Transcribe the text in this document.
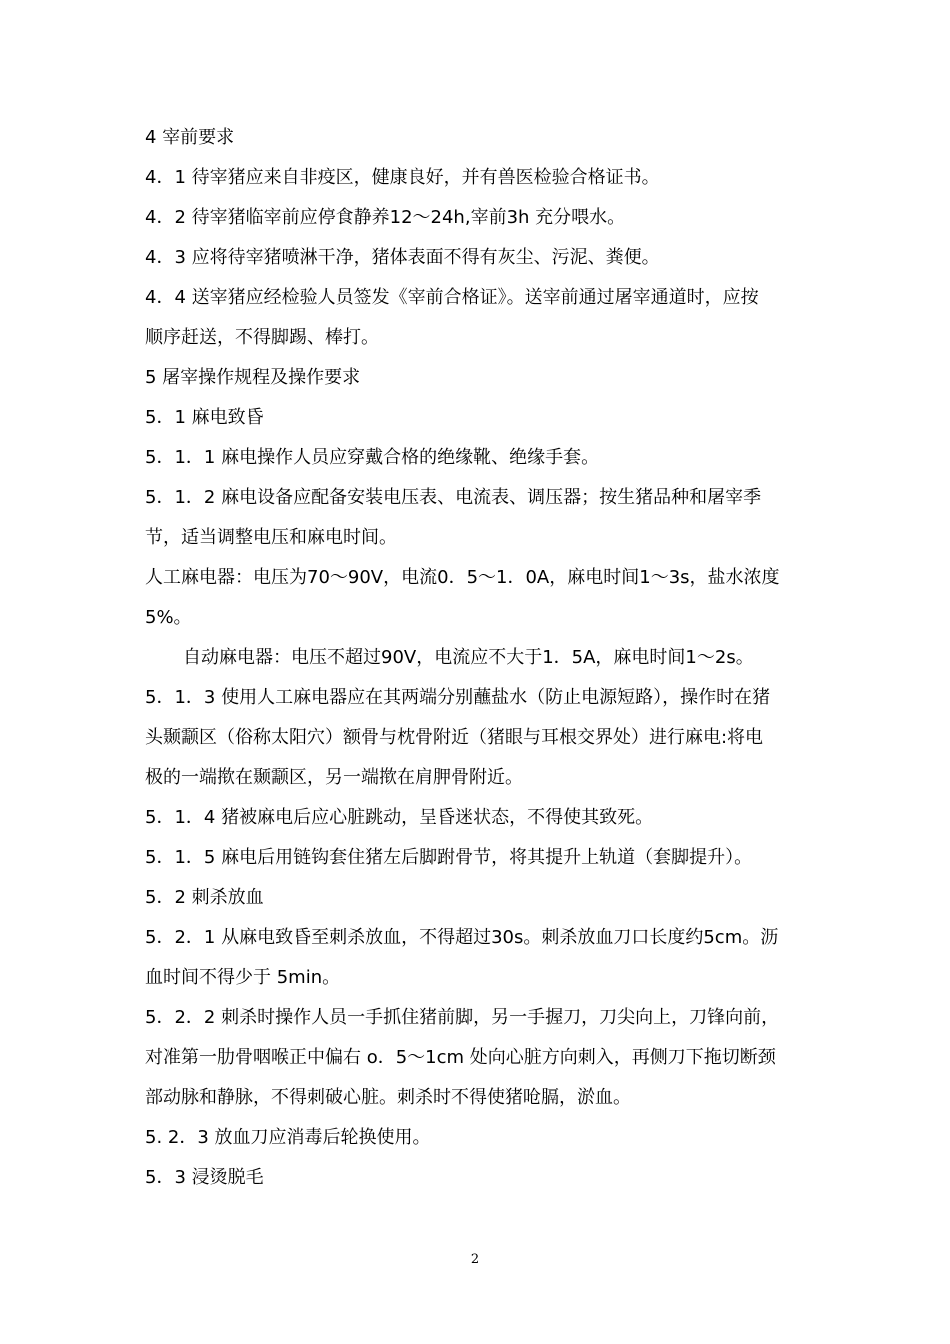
4 宰前要求
4．1 待宰猪应来自非疫区，健康良好，并有兽医检验合格证书。
4．2 待宰猪临宰前应停食静养12～24h,宰前3h 充分喂水。
4．3 应将待宰猪喷淋干净，猪体表面不得有灰尘、污泥、粪便。
4．4 送宰猪应经检验人员签发《宰前合格证》。送宰前通过屠宰通道时，应按
顺序赶送，不得脚踢、棒打。
5 屠宰操作规程及操作要求
5．1 麻电致昏
5．1．1 麻电操作人员应穿戴合格的绝缘靴、绝缘手套。
5．1．2 麻电设备应配备安装电压表、电流表、调压器；按生猪品种和屠宰季
节，适当调整电压和麻电时间。
人工麻电器：电压为70～90V，电流0．5～1．0A，麻电时间1～3s，盐水浓度
5%。
自动麻电器：电压不超过90V，电流应不大于1．5A，麻电时间1～2s。
5．1．3 使用人工麻电器应在其两端分别蘸盐水（防止电源短路），操作时在猪
头颞颥区（俗称太阳穴）额骨与枕骨附近（猪眼与耳根交界处）进行麻电:将电
极的一端揿在颞颥区，另一端揿在肩胛骨附近。
5．1．4 猪被麻电后应心脏跳动，呈昏迷状态，不得使其致死。
5．1．5 麻电后用链钩套住猪左后脚跗骨节，将其提升上轨道（套脚提升）。
5．2 刺杀放血
5．2．1 从麻电致昏至刺杀放血，不得超过30s。刺杀放血刀口长度约5cm。沥
血时间不得少于 5min。
5．2．2 刺杀时操作人员一手抓住猪前脚，另一手握刀，刀尖向上，刀锋向前，
对准第一肋骨咽喉正中偏右 o．5～1cm 处向心脏方向刺入，再侧刀下拖切断颈
部动脉和静脉，不得刺破心脏。刺杀时不得使猪呛膈，淤血。
5. 2．3 放血刀应消毒后轮换使用。
5．3 浸烫脱毛
2
